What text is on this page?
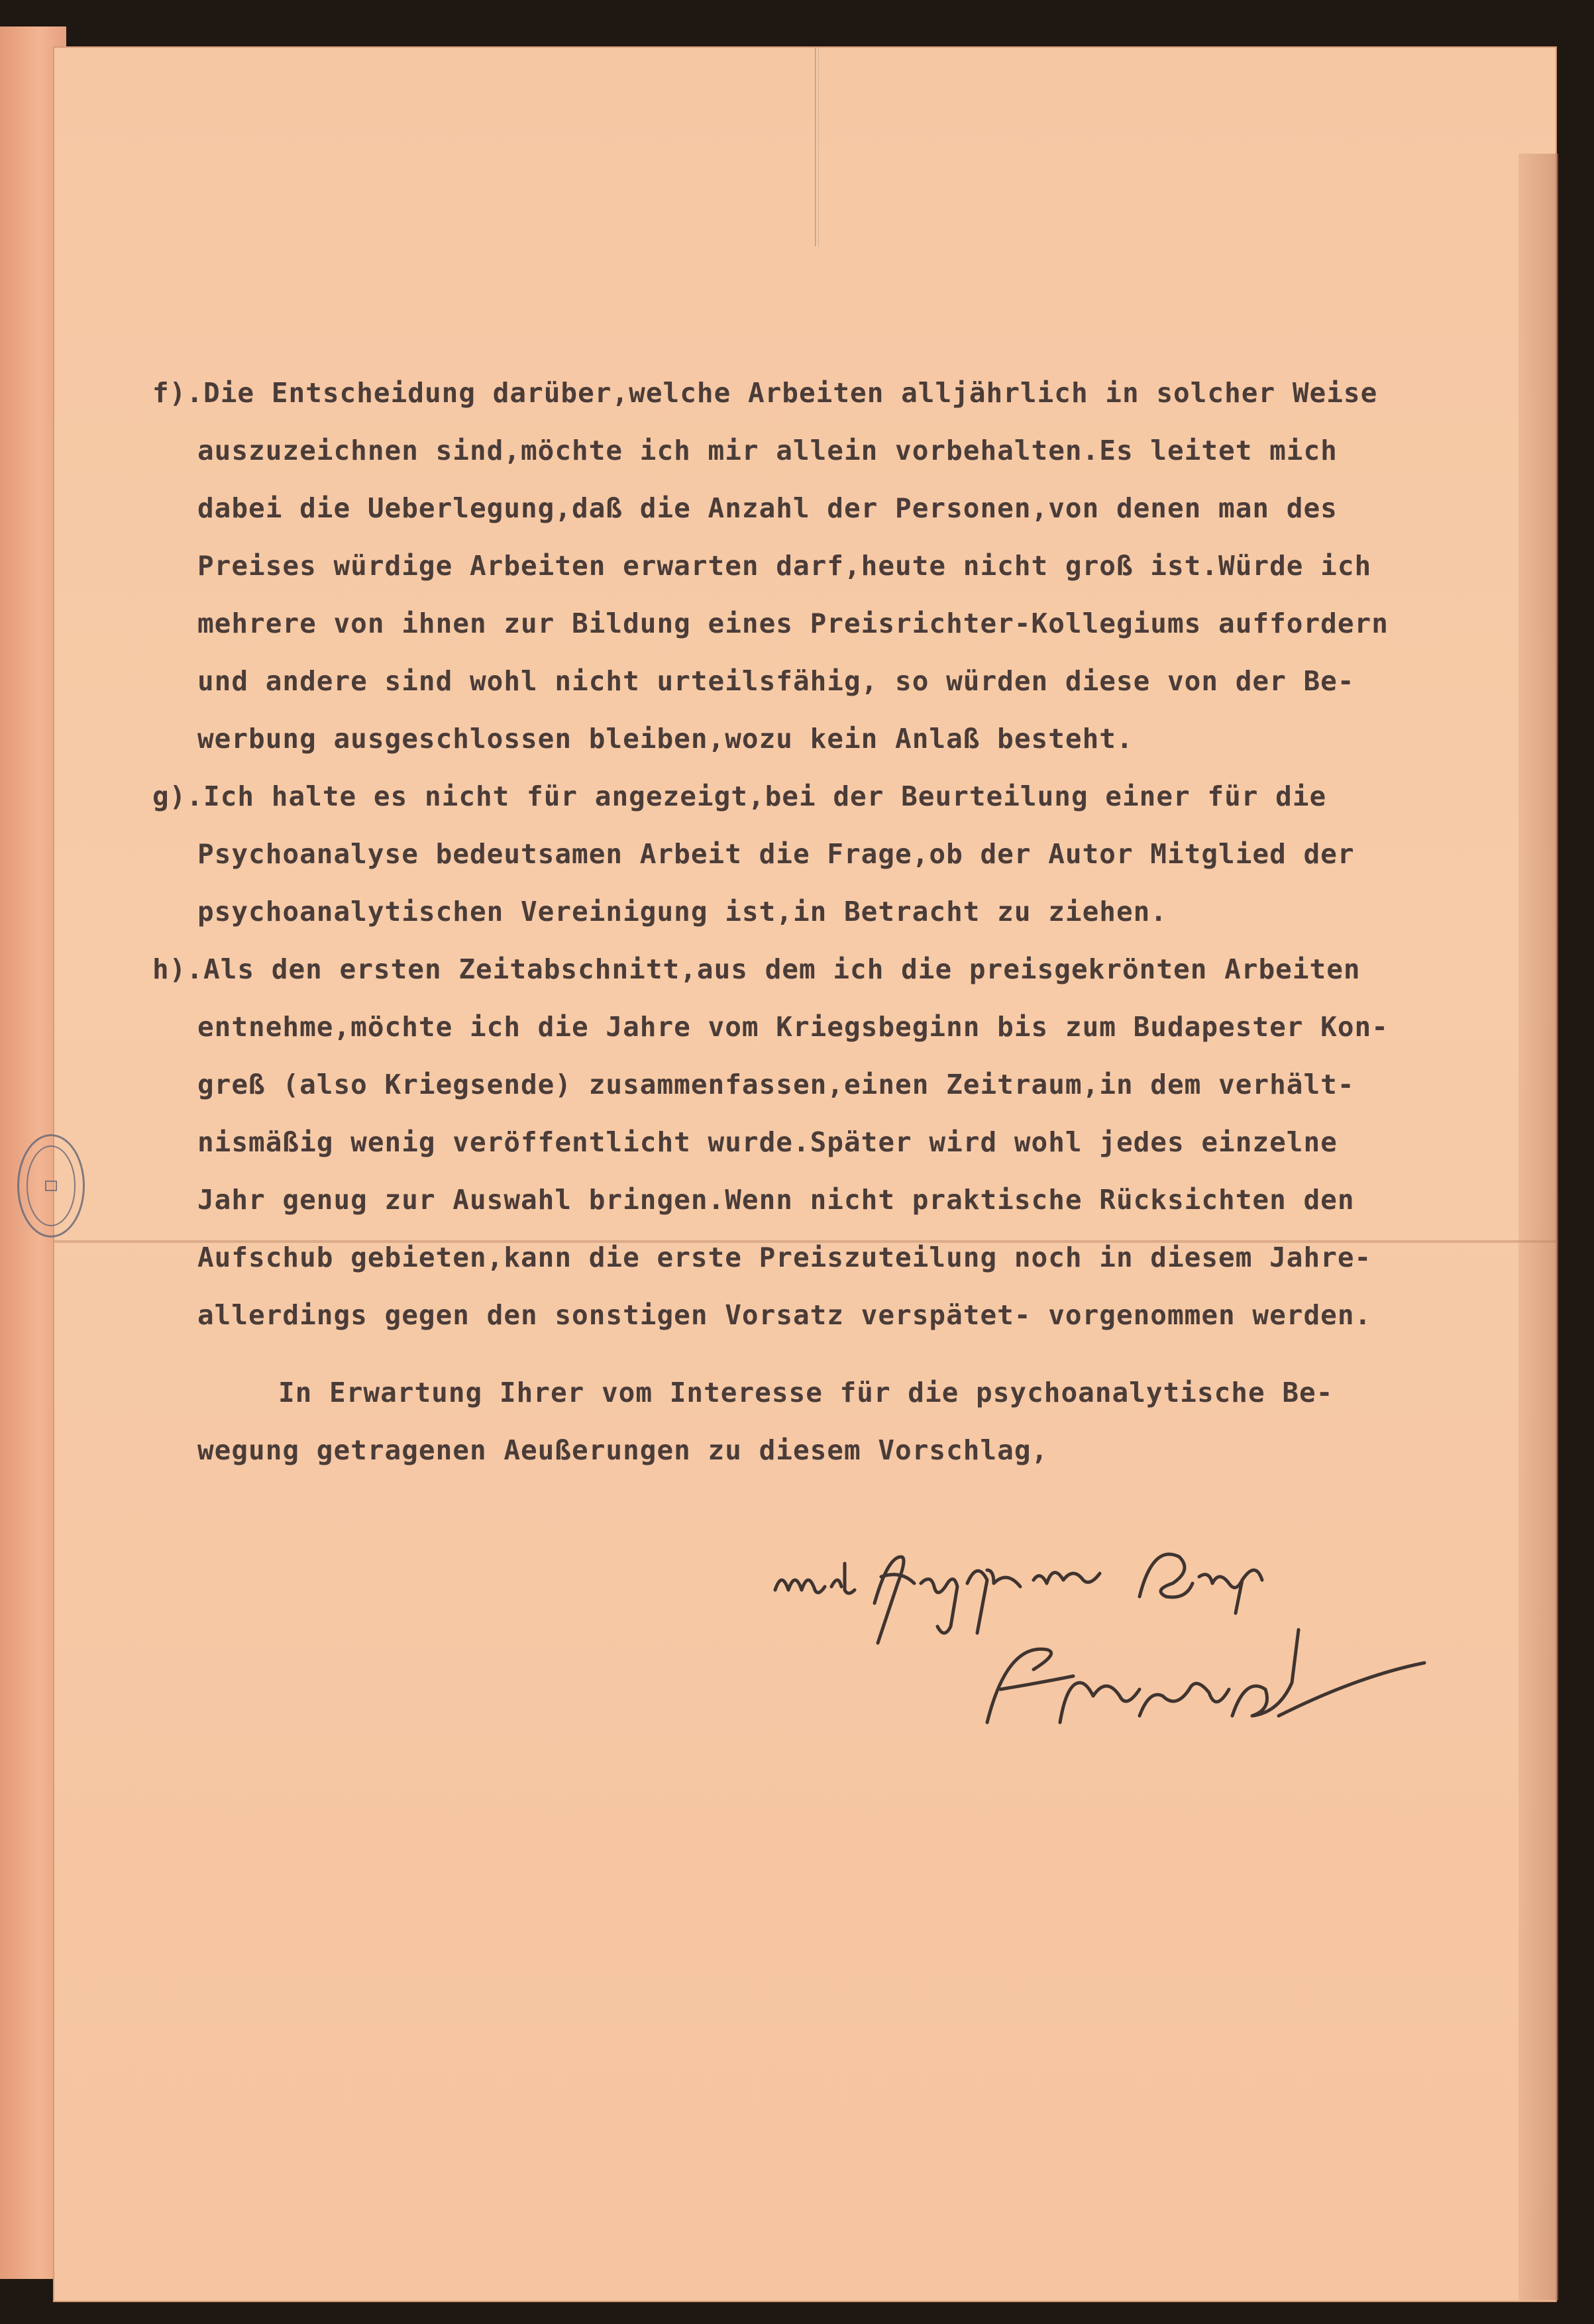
f).Die Entscheidung darüber,welche Arbeiten alljährlich in solcher Weise
auszuzeichnen sind,möchte ich mir allein vorbehalten.Es leitet mich
dabei die Ueberlegung,daß die Anzahl der Personen,von denen man des
Preises würdige Arbeiten erwarten darf,heute nicht groß ist.Würde ich
mehrere von ihnen zur Bildung eines Preisrichter-Kollegiums auffordern
und andere sind wohl nicht urteilsfähig, so würden diese von der Be-
werbung ausgeschlossen bleiben,wozu kein Anlaß besteht.
g).Ich halte es nicht für angezeigt,bei der Beurteilung einer für die
Psychoanalyse bedeutsamen Arbeit die Frage,ob der Autor Mitglied der
psychoanalytischen Vereinigung ist,in Betracht zu ziehen.
h).Als den ersten Zeitabschnitt,aus dem ich die preisgekrönten Arbeiten
entnehme,möchte ich die Jahre vom Kriegsbeginn bis zum Budapester Kon-
greß (also Kriegsende) zusammenfassen,einen Zeitraum,in dem verhält-
nismäßig wenig veröffentlicht wurde.Später wird wohl jedes einzelne
Jahr genug zur Auswahl bringen.Wenn nicht praktische Rücksichten den
Aufschub gebieten,kann die erste Preiszuteilung noch in diesem Jahre-
allerdings gegen den sonstigen Vorsatz verspätet- vorgenommen werden.
In Erwartung Ihrer vom Interesse für die psychoanalytische Be-
wegung getragenen Aeußerungen zu diesem Vorschlag,
